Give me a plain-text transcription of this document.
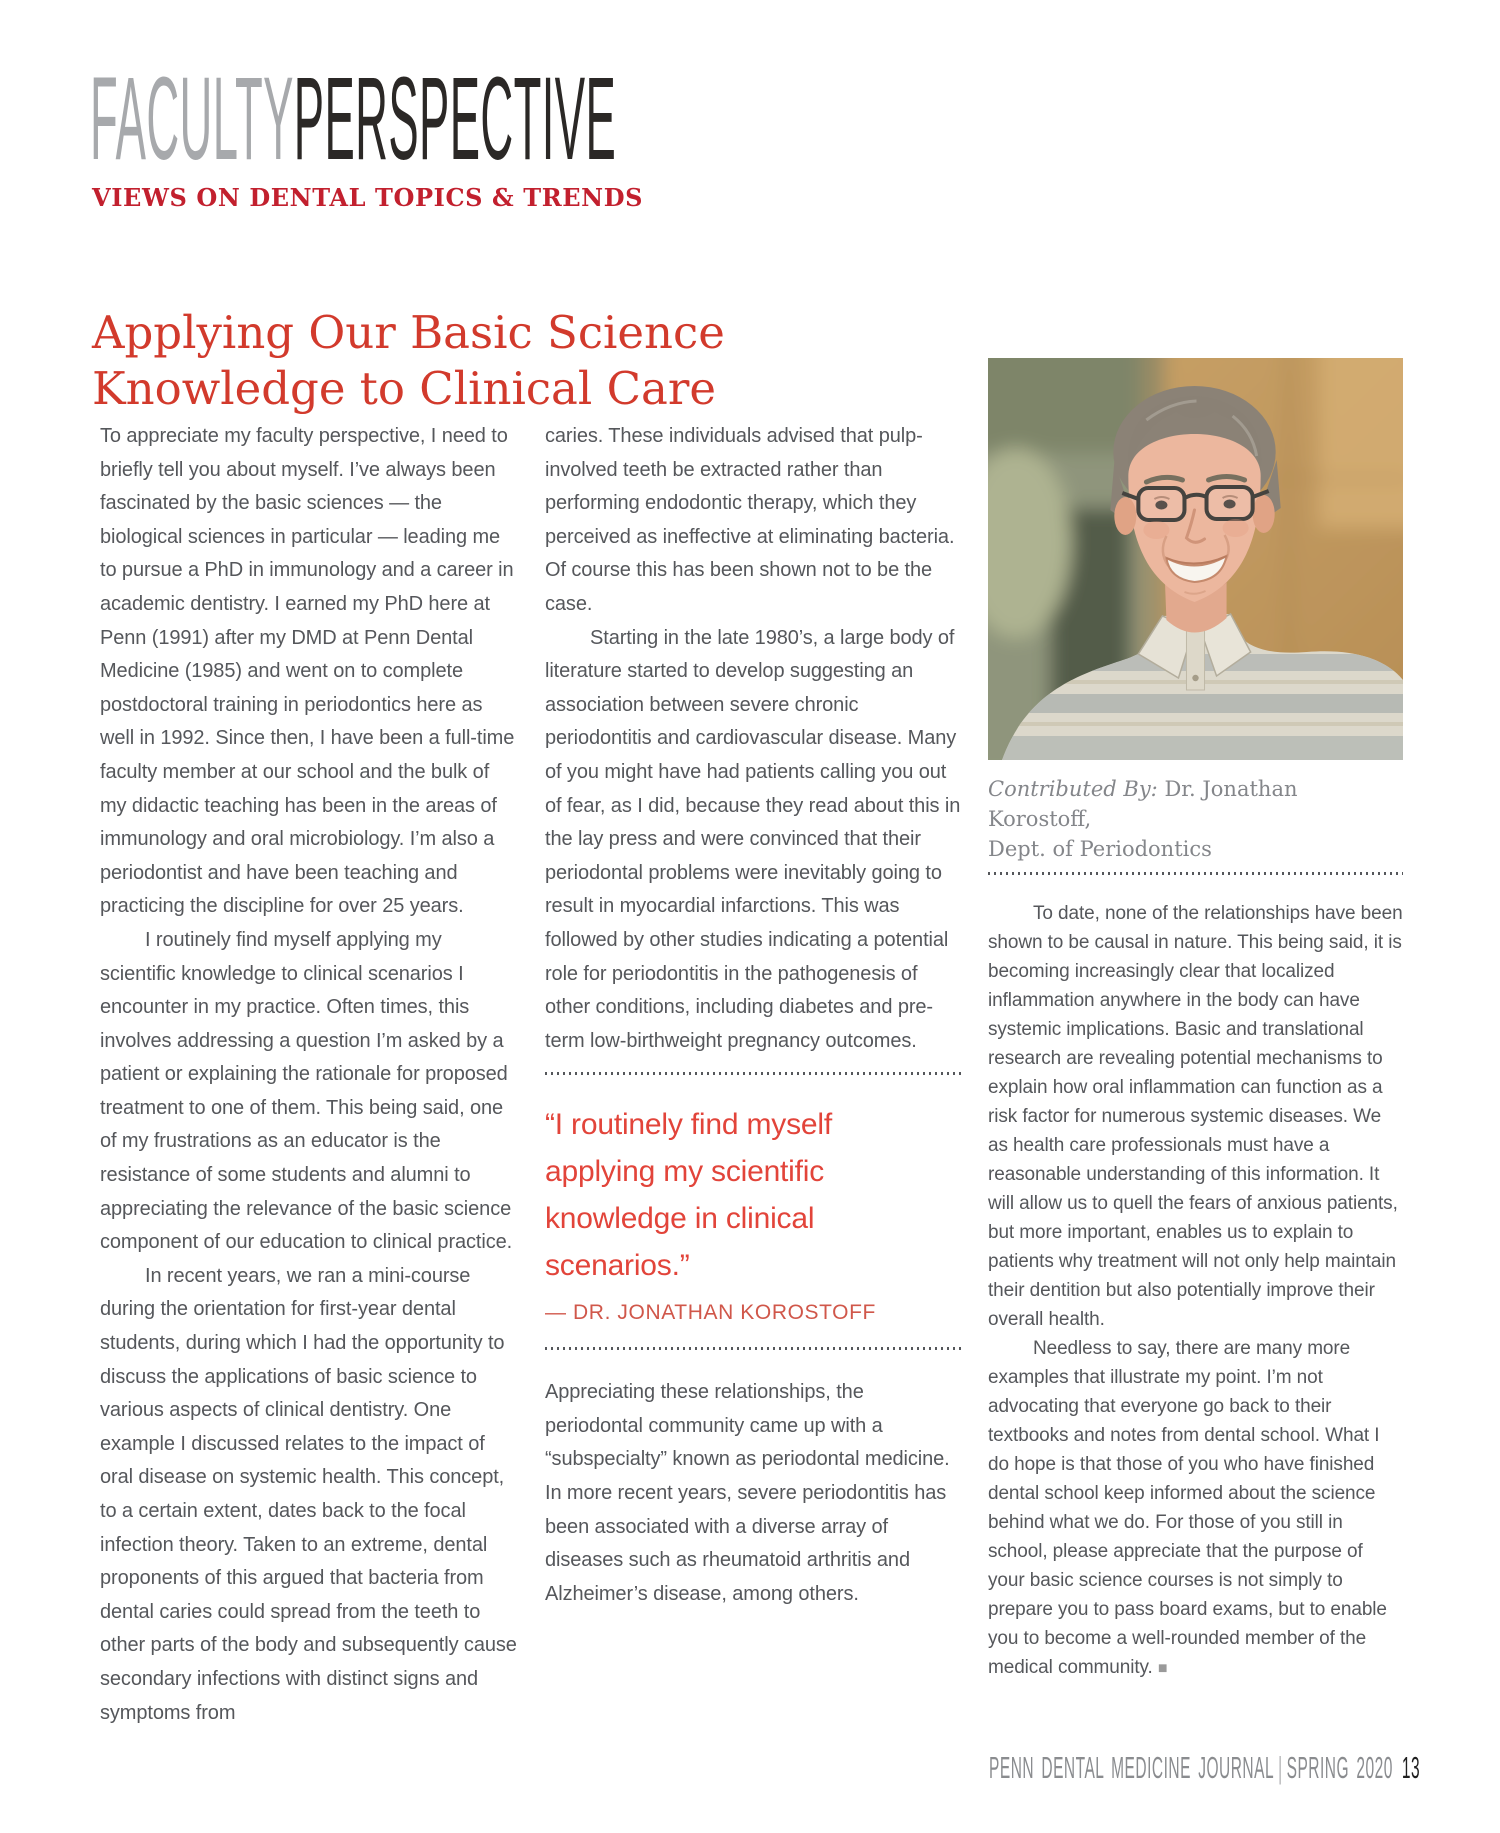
FACULTYPERSPECTIVE
VIEWS ON DENTAL TOPICS & TRENDS
Applying Our Basic Science
Knowledge to Clinical Care

To appreciate my faculty perspective, I need to briefly tell you about myself. I’ve always been fascinated by the basic sciences — the biological sciences in particular — leading me to pursue a PhD in immunology and a career in academic dentistry. I earned my PhD here at Penn (1991) after my DMD at Penn Dental Medicine (1985) and went on to complete postdoctoral training in periodontics here as well in 1992. Since then, I have been a full-time faculty member at our school and the bulk of my didactic teaching has been in the areas of immunology and oral microbiology. I’m also a periodontist and have been teaching and practicing the discipline for over 25 years.

I routinely find myself applying my scientific knowledge to clinical scenarios I encounter in my practice. Often times, this involves addressing a question I’m asked by a patient or explaining the rationale for proposed treatment to one of them. This being said, one of my frustrations as an educator is the resistance of some students and alumni to appreciating the relevance of the basic science component of our education to clinical practice.

In recent years, we ran a mini-course during the orientation for first-year dental students, during which I had the opportunity to discuss the applications of basic science to various aspects of clinical dentistry. One example I discussed relates to the impact of oral disease on systemic health. This concept, to a certain extent, dates back to the focal infection theory. Taken to an extreme, dental proponents of this argued that bacteria from dental caries could spread from the teeth to other parts of the body and subsequently cause secondary infections with distinct signs and symptoms from

caries. These individuals advised that pulp-involved teeth be extracted rather than performing endodontic therapy, which they perceived as ineffective at eliminating bacteria. Of course this has been shown not to be the case.

Starting in the late 1980’s, a large body of literature started to develop suggesting an association between severe chronic periodontitis and cardiovascular disease. Many of you might have had patients calling you out of fear, as I did, because they read about this in the lay press and were convinced that their periodontal problems were inevitably going to result in myocardial infarctions. This was followed by other studies indicating a potential role for periodontitis in the pathogenesis of other conditions, including diabetes and pre-term low-birthweight pregnancy outcomes.

“I routinely find myself
applying my scientific
knowledge in clinical
scenarios.”
— DR. JONATHAN KOROSTOFF

Appreciating these relationships, the periodontal community came up with a “subspecialty” known as periodontal medicine. In more recent years, severe periodontitis has been associated with a diverse array of diseases such as rheumatoid arthritis and Alzheimer’s disease, among others.

Contributed By: Dr. Jonathan Korostoff,
Dept. of Periodontics

To date, none of the relationships have been shown to be causal in nature. This being said, it is becoming increasingly clear that localized inflammation anywhere in the body can have systemic implications. Basic and translational research are revealing potential mechanisms to explain how oral inflammation can function as a risk factor for numerous systemic diseases. We as health care professionals must have a reasonable understanding of this information. It will allow us to quell the fears of anxious patients, but more important, enables us to explain to patients why treatment will not only help maintain their dentition but also potentially improve their overall health.

Needless to say, there are many more examples that illustrate my point. I’m not advocating that everyone go back to their textbooks and notes from dental school. What I do hope is that those of you who have finished dental school keep informed about the science behind what we do. For those of you still in school, please appreciate that the purpose of your basic science courses is not simply to prepare you to pass board exams, but to enable you to become a well-rounded member of the medical community. ■

PENN DENTAL MEDICINE JOURNAL | SPRING 2020 13
